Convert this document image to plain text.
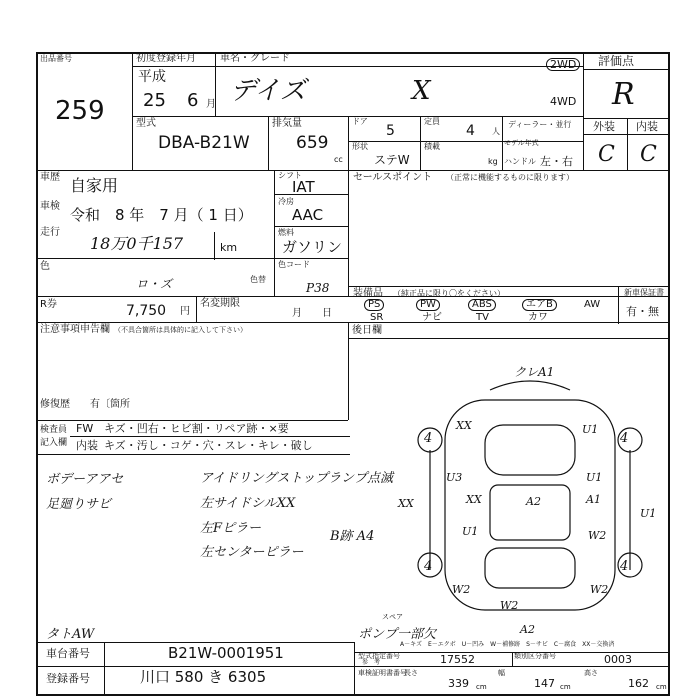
出品番号
259
初度登録年月 車名・グレード
平成
25 6 月 デイズ	X
2WD
4WD
評価点
R
外装 内装
C C
型式
DBA-B21W
排気量
659
cc
ドア
5
定員
4 人
ディーラー・並行
形状
ステW
積載
kg
モデル年式
ハンドル 左・右
車歴 自家用
車検 令和　8 年　7 月（ 1 日）
走行
18万0千157	km
シフト
IAT
冷房
AAC
燃料
ガソリン
セールスポイント （正常に機能するものに限ります）
色
ロ・ズ	色替
色コード
P38 装備品 （純正品に限り〇をください）	新車保証書
有・無
PS	PW	ABS	エアB	AW
SR	ナビ	TV	カワ
R券	7,750 円
名変期限
月　　日
注意事項申告欄 （不具合箇所は具体的に記入して下さい）	後日欄
修復歴 有〔箇所
検査員
記入欄
FW キズ・凹右・ヒビ割・リペア跡・×要
内装 キズ・汚し・コゲ・穴・スレ・キレ・破し
ボデーアアセ
足廻りサビ
アイドリングストップランプ点滅
左サイドシルXX
左Fピラー
左センターピラー
B跡 A4
タトAW	ポンプ一部欠
スペア
A－キズ　E－エクボ　U－凹み　W－補修跡　S－サビ　C－腐食　XX－交換済
クレA1
4
XX	U1
4
U3	U1
XX	XX	A2	A1
U1
U1
W2
4
W2
4
W2
W2
A2
車台番号	B21W-0001951
登録番号	川口 580 き 6305
型式指定番号
参　考	17552	類別区分番号	0003
車検証明書番号
長さ
339 cm
幅
147 cm
高さ
162 cm
